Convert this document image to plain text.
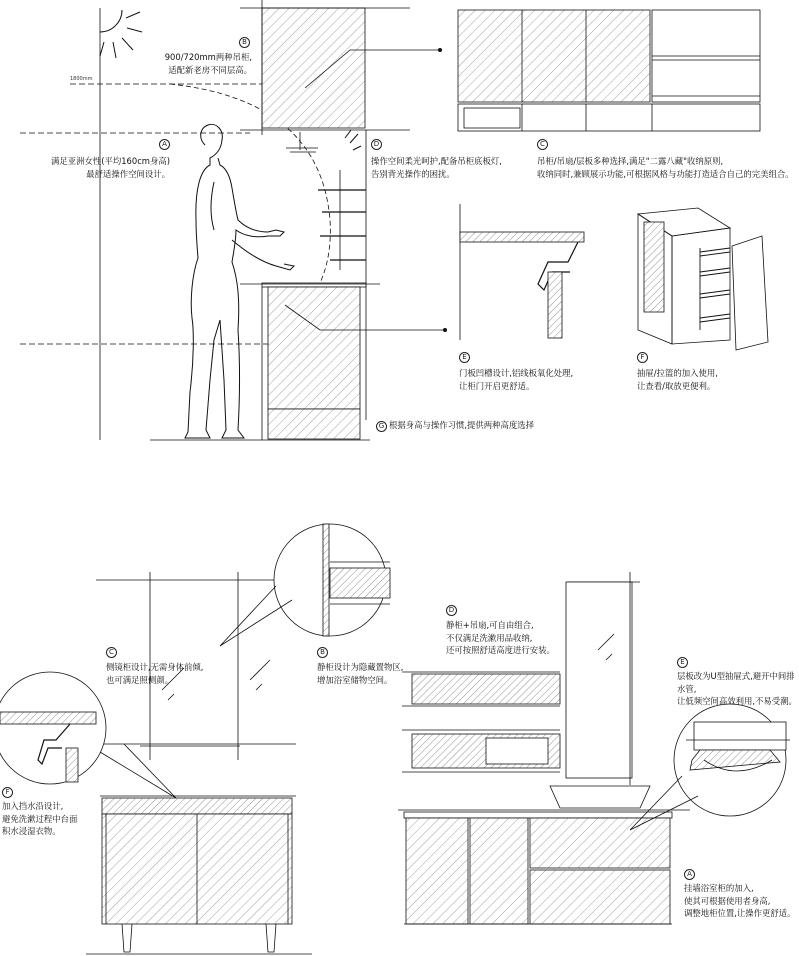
1800mm
B
900/720mm两种吊柜,
适配新老房不同层高。
A
满足亚洲女性(平均160cm身高)
最舒适操作空间设计。
D
操作空间柔光呵护,配备吊柜底板灯,
告别背光操作的困扰。
C
吊柜/吊扇/层板多种选择,满足"二露八藏"收纳原则,
收纳同时,兼顾展示功能,可根据风格与功能打造适合自己的完美组合。
E
门板凹槽设计,铝线板氧化处理,
让柜门开启更舒适。
F
抽屉/拉篮的加入使用,
让查看/取放更便利。
G 根据身高与操作习惯,提供两种高度选择
C
侧镜柜设计,无需身体前倾,
也可满足照侧颜。
B
静柜设计为隐藏置物区,
增加浴室储物空间。
D
静柜+吊扇,可自由组合,
不仅满足洗漱用品收纳,
还可按照舒适高度进行安装。
E
层板改为U型抽屉式,避开中间排水管,
让低频空间高效利用,不易受潮。
F
加入挡水沿设计,
避免洗漱过程中台面
积水浸湿衣物。
A
挂墙浴室柜的加入,
使其可根据使用者身高,
调整地柜位置,让操作更舒适。
